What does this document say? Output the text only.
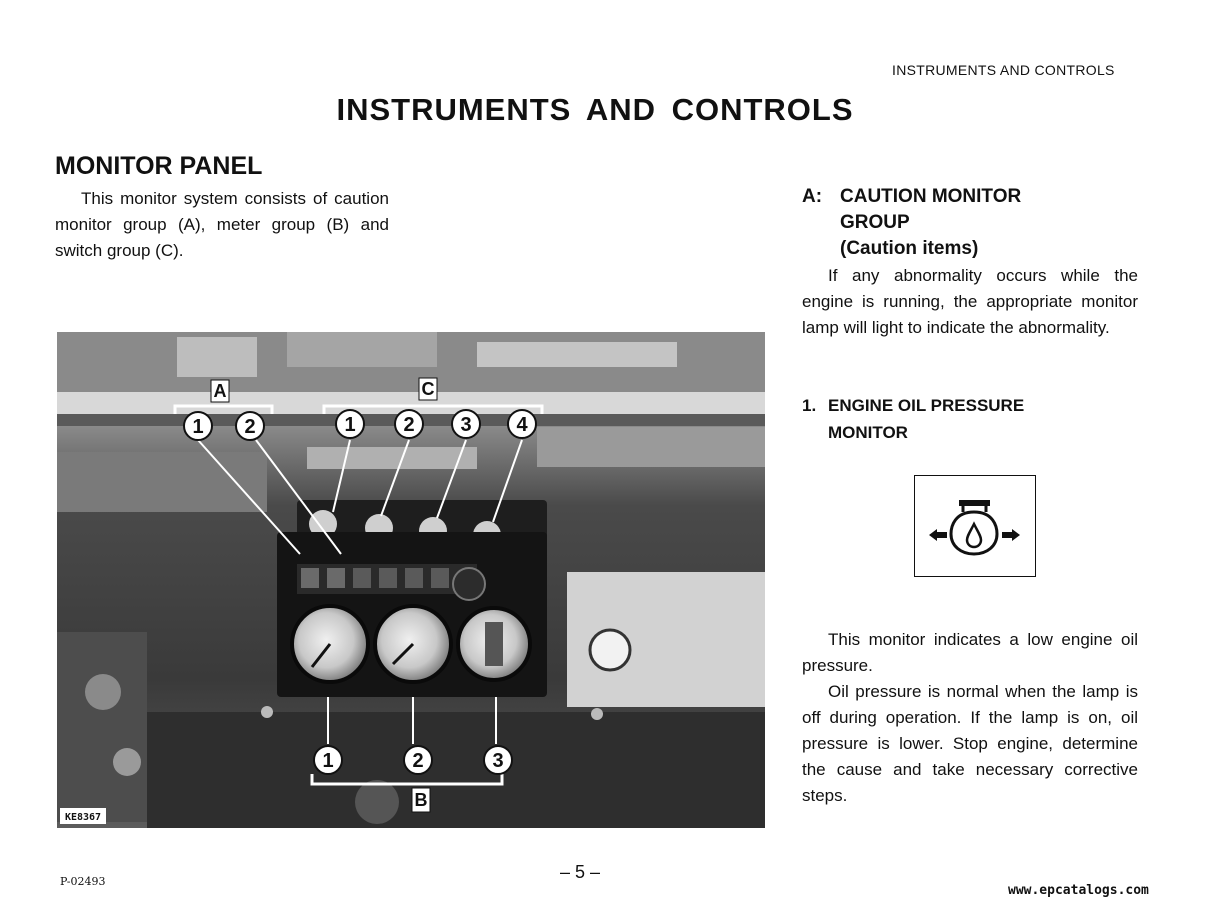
INSTRUMENTS AND CONTROLS
INSTRUMENTS AND CONTROLS
MONITOR PANEL
This monitor system consists of caution monitor group (A), meter group (B) and switch group (C).
A	C
B
1 2	1 2 3 4
1	2	3
KE8367
A: CAUTION MONITOR
GROUP
(Caution items)
If any abnormality occurs while the engine is running, the appropriate monitor lamp will light to indicate the abnormality.
1. ENGINE OIL PRESSURE
MONITOR

This monitor indicates a low engine oil pressure.

Oil pressure is normal when the lamp is off during operation. If the lamp is on, oil pressure is lower. Stop engine, determine the cause and take necessary corrective steps.

P-02493	– 5 –
www.epcatalogs.com
